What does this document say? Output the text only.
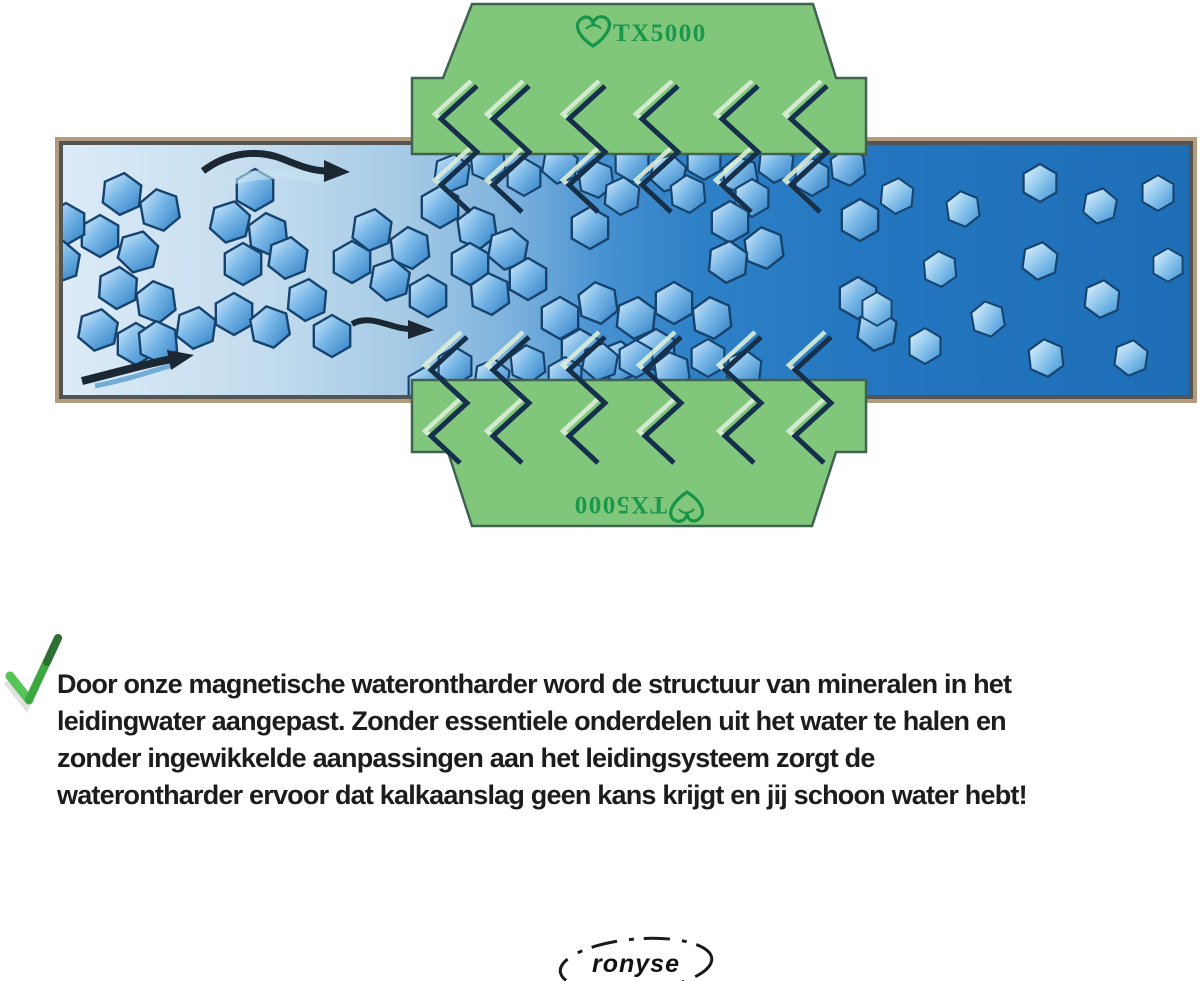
TX5000
TX5000
Door onze magnetische waterontharder word de structuur van mineralen in het
leidingwater aangepast. Zonder essentiele onderdelen uit het water te halen en
zonder ingewikkelde aanpassingen aan het leidingsysteem zorgt de
waterontharder ervoor dat kalkaanslag geen kans krijgt en jij schoon water hebt!
ronyse
